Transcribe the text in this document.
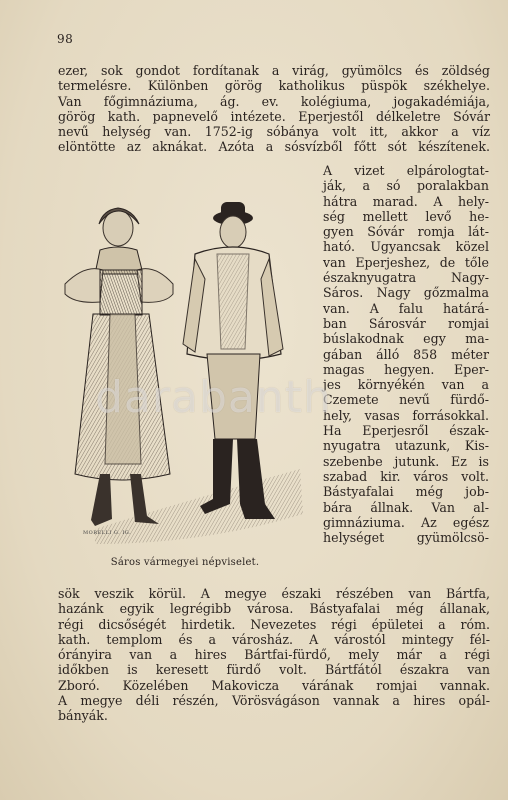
98
ezer, sok gondot fordítanak a virág, gyümölcs és zöldség
termelésre. Különben görög katholikus püspök székhelye.
Van főgimnáziuma, ág. ev. kolégiuma, jogakadémiája,
görög kath. papnevelő intézete. Eperjestől délkeletre Sóvár
nevű helység van. 1752-ig sóbánya volt itt, akkor a víz
elöntötte az aknákat. Azóta a sósvízből főtt sót készítenek.
A vizet elpárologtat-
ják, a só poralakban
hátra marad. A hely-
ség mellett levő he-
gyen Sóvár romja lát-
ható. Ugyancsak közel
van Eperjeshez, de tőle
északnyugatra Nagy-
Sáros. Nagy gőzmalma
van. A falu határá-
ban Sárosvár romjai
búslakodnak egy ma-
gában álló 858 méter
magas hegyen. Eper-
jes környékén van a
Czemete nevű fürdő-
hely, vasas forrásokkal.
Ha Eperjesről észak-
nyugatra utazunk, Kis-
szebenbe jutunk. Ez is
szabad kir. város volt.
Bástyafalai még job-
bára állnak. Van al-
gimnáziuma. Az egész
helységet gyümölcsö-
MORELLI G. IG.
Sáros vármegyei népviselet.
sök veszik körül. A megye északi részében van Bártfa,
hazánk egyik legrégibb városa. Bástyafalai még állanak,
régi dicsőségét hirdetik. Nevezetes régi épületei a róm.
kath. templom és a városház. A várostól mintegy fél-
órányira van a hires Bártfai-fürdő, mely már a régi
időkben is keresett fürdő volt. Bártfától északra van
Zboró. Közelében Makovicza várának romjai vannak.
A megye déli részén, Vörösvágáson vannak a hires opál-
bányák.
darabanth
